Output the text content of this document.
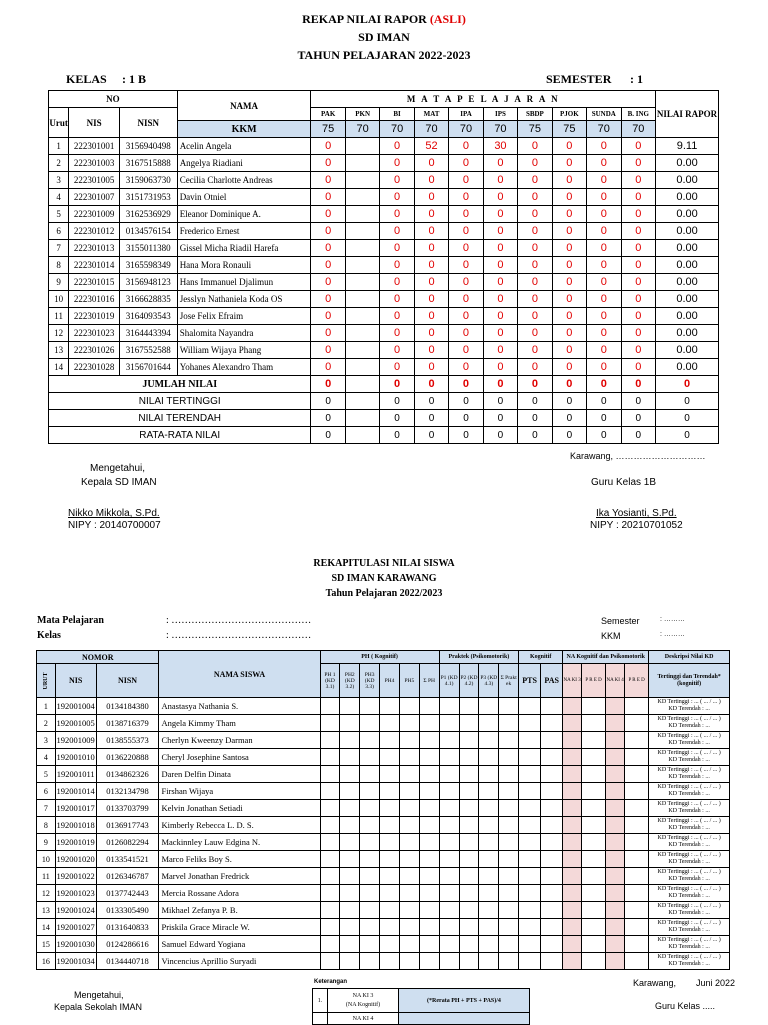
REKAP NILAI RAPOR (ASLI)
SD IMAN
TAHUN PELAJARAN 2022-2023
KELAS : 1 B	SEMESTER : 1
NO			NAMA	M A T A P E L A J A R A N										NILAI RAPOR
Urut	NIS	NISN		PAK	PKN	BI	MAT	IPA	IPS	SBDP	PJOK	SUNDA	B. ING	
			KKM	75	70	70	70	70	70	75	75	70	70	
1	222301001	3156940498	Acelin Angela	0		0	52	0	30	0	0	0	0	9.11
2	222301003	3167515888	Angelya Riadiani	0		0	0	0	0	0	0	0	0	0.00
3	222301005	3159063730	Cecilia Charlotte Andreas	0		0	0	0	0	0	0	0	0	0.00
4	222301007	3151731953	Davin Otniel	0		0	0	0	0	0	0	0	0	0.00
5	222301009	3162536929	Eleanor Dominique A.	0		0	0	0	0	0	0	0	0	0.00
6	222301012	0134576154	Frederico Ernest	0		0	0	0	0	0	0	0	0	0.00
7	222301013	3155011380	Gissel Micha Riadil Harefa	0		0	0	0	0	0	0	0	0	0.00
8	222301014	3165598349	Hana Mora Ronauli	0		0	0	0	0	0	0	0	0	0.00
9	222301015	3156948123	Hans Immanuel Djalimun	0		0	0	0	0	0	0	0	0	0.00
10	222301016	3166628835	Jesslyn Nathaniela Koda OS	0		0	0	0	0	0	0	0	0	0.00
11	222301019	3164093543	Jose Felix Efraim	0		0	0	0	0	0	0	0	0	0.00
12	222301023	3164443394	Shalomita Nayandra	0		0	0	0	0	0	0	0	0	0.00
13	222301026	3167552588	William Wijaya Phang	0		0	0	0	0	0	0	0	0	0.00
14	222301028	3156701644	Yohanes Alexandro Tham	0		0	0	0	0	0	0	0	0	0.00
JUMLAH NILAI				0		0	0	0	0	0	0	0	0	0
NILAI TERTINGGI				0		0	0	0	0	0	0	0	0	0
NILAI TERENDAH				0		0	0	0	0	0	0	0	0	0
RATA-RATA NILAI				0		0	0	0	0	0	0	0	0	0
Karawang, …………………………
Mengetahui,
Kepala SD IMAN	Guru Kelas 1B
Nikko Mikkola, S.Pd.
NIPY : 20140700007
Ika Yosianti, S.Pd.
NIPY : 20210701052
REKAPITULASI NILAI SISWA
SD IMAN KARAWANG
Tahun Pelajaran 2022/2023
Mata Pelajaran	: ……………………………………
Kelas	: ……………………………………
Semester	: ………
KKM	: ………
NOMOR			NAMA SISWA	PH ( Kognitif)						Praktek (Psikomotorik)				Kognitif		NA Kognitif dan Psikomotorik				Deskripsi Nilai KD

URUT	NIS	NISN		PH 1 (KD 3.1)	PH2 (KD 3.2)	PH3 (KD 3.3)	PH4	PH5	Σ PH	P1 (KD 4.1)	P2 (KD 4.2)	P3 (KD 4.3)	Σ Prakt ek	PTS	PAS	NA KI 3	P R E D	NA KI 4	P R E D	Tertinggi dan Terendah* (kognitif)
1	192001004	0134184380	Anastasya Nathania S.																	KD Tertinggi : ... ( ... / ... )
KD Terendah : ...

2	192001005	0138716379	Angela Kimmy Tham																	KD Tertinggi : ... ( ... / ... )
KD Terendah : ...

3	192001009	0138555373	Cherlyn Kweenzy Darman																	KD Tertinggi : ... ( ... / ... )
KD Terendah : ...

4	192001010	0136220888	Cheryl Josephine Santosa																	KD Tertinggi : ... ( ... / ... )
KD Terendah : ...

5	192001011	0134862326	Daren Delfin Dinata																	KD Tertinggi : ... ( ... / ... )
KD Terendah : ...

6	192001014	0132134798	Firshan Wijaya																	KD Tertinggi : ... ( ... / ... )
KD Terendah : ...

7	192001017	0133703799	Kelvin Jonathan Setiadi																	KD Tertinggi : ... ( ... / ... )
KD Terendah : ...

8	192001018	0136917743	Kimberly Rebecca L. D. S.																	KD Tertinggi : ... ( ... / ... )
KD Terendah : ...

9	192001019	0126082294	Mackinnley Lauw Edgina N.																	KD Tertinggi : ... ( ... / ... )
KD Terendah : ...

10	192001020	0133541521	Marco Feliks Boy S.																	KD Tertinggi : ... ( ... / ... )
KD Terendah : ...

11	192001022	0126346787	Marvel Jonathan Fredrick																	KD Tertinggi : ... ( ... / ... )
KD Terendah : ...

12	192001023	0137742443	Mercia Rossane Adora																	KD Tertinggi : ... ( ... / ... )
KD Terendah : ...

13	192001024	0133305490	Mikhael Zefanya P. B.																	KD Tertinggi : ... ( ... / ... )
KD Terendah : ...

14	192001027	0131640833	Priskila Grace Miracle W.																	KD Tertinggi : ... ( ... / ... )
KD Terendah : ...

15	192001030	0124286616	Samuel Edward Yogiana																	KD Tertinggi : ... ( ... / ... )
KD Terendah : ...

16	192001034	0134440718	Vincencius Aprillio Suryadi																	KD Tertinggi : ... ( ... / ... )
KD Terendah : ...
Mengetahui,
Kepala Sekolah IMAN
Keterangan
1.	NA KI 3
(NA Kognitif)	(*Rerata PH + PTS + PAS)/4
	NA KI 4	
Karawang,        Juni 2022
Guru Kelas .....
